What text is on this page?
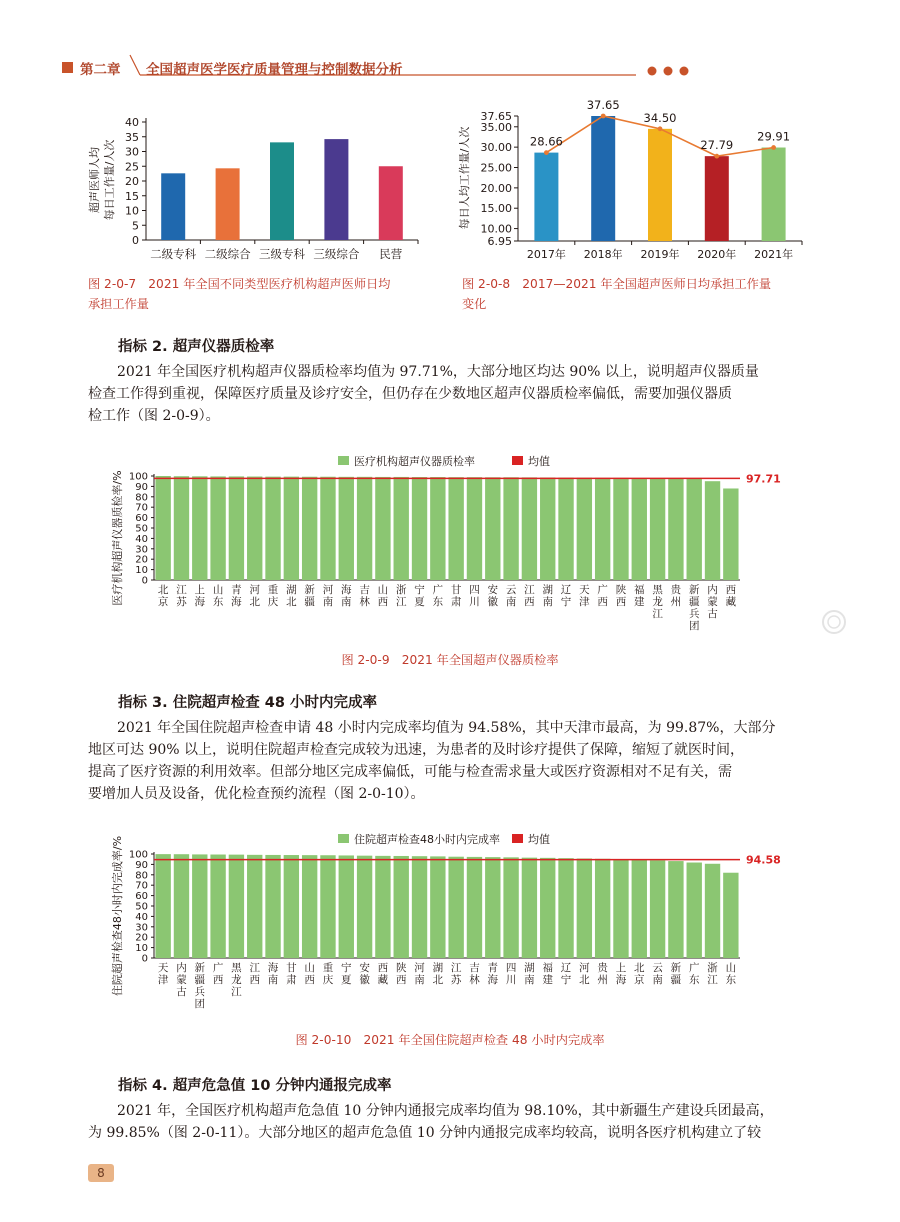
第二章 全国超声医学医疗质量管理与控制数据分析
超声医师人均 每日工作量/人次
0
5
10
15
20
25
30
35
40
二级专科 二级综合 三级专科 三级综合 民营
图 2-0-7　2021 年全国不同类型医疗机构超声医师日均
承担工作量
每日人均工作量/人次
37.65
35.00
30.00
25.00
20.00
15.00
10.00
6.95
2017年 2018年 2019年 2020年 2021年
28.66
37.65
34.50
27.79
29.91
图 2-0-8　2017—2021 年全国超声医师日均承担工作量
变化
指标 2. 超声仪器质检率
2021 年全国医疗机构超声仪器质检率均值为 97.71%，大部分地区均达 90% 以上，说明超声仪器质量
检查工作得到重视，保障医疗质量及诊疗安全，但仍存在少数地区超声仪器质检率偏低，需要加强仪器质
检工作（图 2-0-9）。
医疗机构超声仪器质检率	均值
医疗机构超声仪器质检率/% 0
10
20
30
40
50
60
70
80
90
100
北
京
江
苏
上
海
山
东
青
海
河
北
重
庆
湖
北
新
疆
河
南
海
南
吉
林
山
西
浙
江
宁
夏
广
东
甘
肃
四
川
安
徽
云
南
江
西
湖
南
辽
宁
天
津
广
西
陕
西
福
建
黑
龙
江
贵
州
新
疆
兵
团
内
蒙
古
西
藏
97.71
图 2-0-9　2021 年全国超声仪器质检率
指标 3. 住院超声检查 48 小时内完成率
2021 年全国住院超声检查申请 48 小时内完成率均值为 94.58%，其中天津市最高，为 99.87%，大部分
地区可达 90% 以上，说明住院超声检查完成较为迅速，为患者的及时诊疗提供了保障，缩短了就医时间，
提高了医疗资源的利用效率。但部分地区完成率偏低，可能与检查需求量大或医疗资源相对不足有关，需
要增加人员及设备，优化检查预约流程（图 2-0-10）。
住院超声检查48小时内完成率	均值
住院超声检查48小时内完成率/% 0
10
20
30
40
50
60
70
80
90
100
天
津
内
蒙
古
新
疆
兵
团
广
西
黑
龙
江
江
西
海
南
甘
肃
山
西
重
庆
宁
夏
安
徽
西
藏
陕
西
河
南
湖
北
江
苏
吉
林
青
海
四
川
湖
南
福
建
辽
宁
河
北
贵
州
上
海
北
京
云
南
新
疆
广
东
浙
江
山
东
94.58
图 2-0-10　2021 年全国住院超声检查 48 小时内完成率
指标 4. 超声危急值 10 分钟内通报完成率
2021 年，全国医疗机构超声危急值 10 分钟内通报完成率均值为 98.10%，其中新疆生产建设兵团最高，
为 99.85%（图 2-0-11）。大部分地区的超声危急值 10 分钟内通报完成率均较高，说明各医疗机构建立了较
8
